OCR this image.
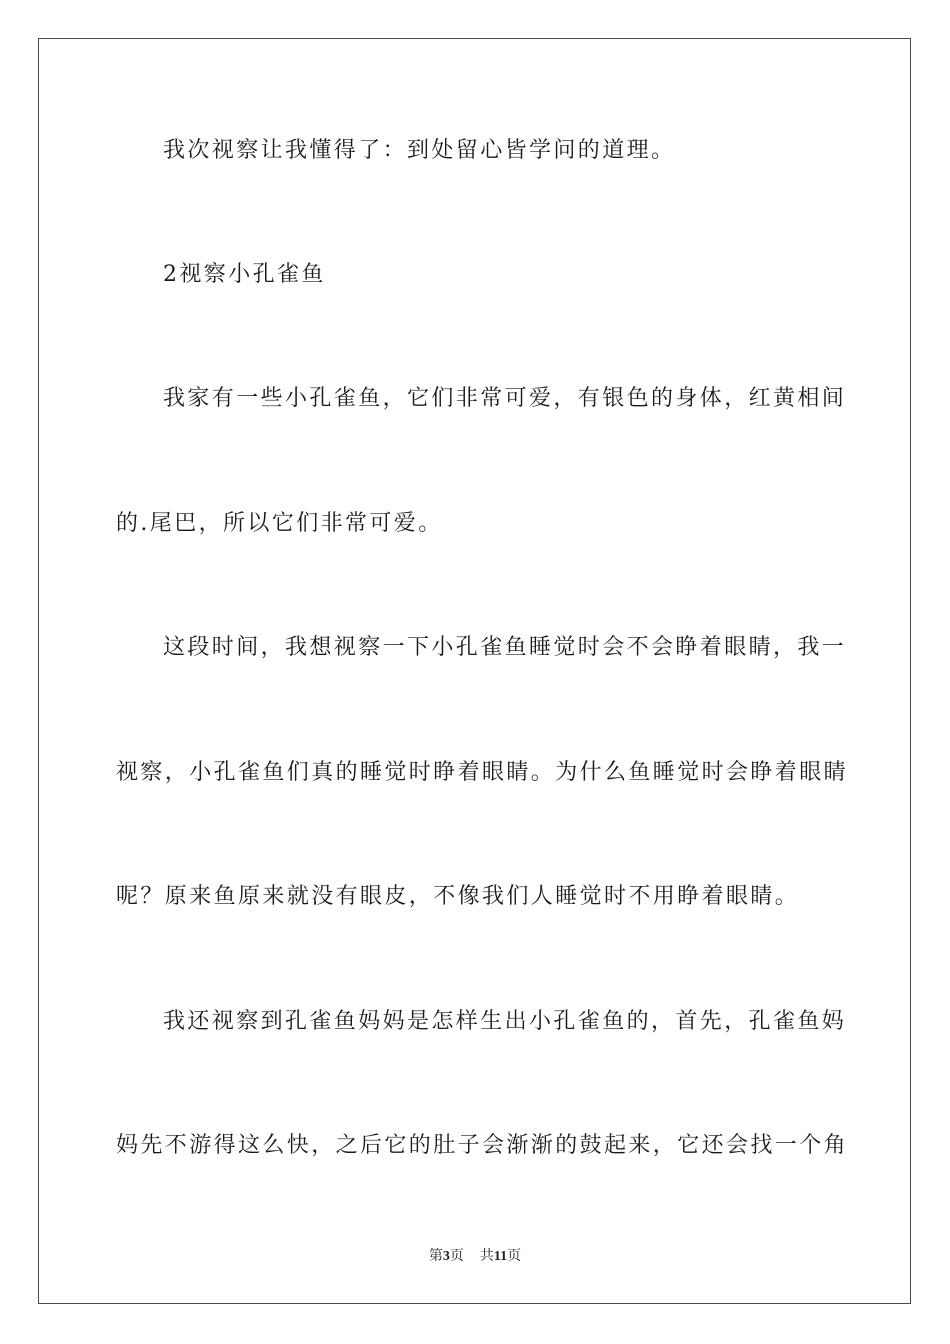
我次视察让我懂得了：到处留心皆学问的道理。
2视察小孔雀鱼
我家有一些小孔雀鱼，它们非常可爱，有银色的身体，红黄相间
的.尾巴，所以它们非常可爱。
这段时间，我想视察一下小孔雀鱼睡觉时会不会睁着眼睛，我一
视察，小孔雀鱼们真的睡觉时睁着眼睛。为什么鱼睡觉时会睁着眼睛
呢？原来鱼原来就没有眼皮，不像我们人睡觉时不用睁着眼睛。
我还视察到孔雀鱼妈妈是怎样生出小孔雀鱼的，首先，孔雀鱼妈
妈先不游得这么快，之后它的肚子会渐渐的鼓起来，它还会找一个角
第3页 共11页
